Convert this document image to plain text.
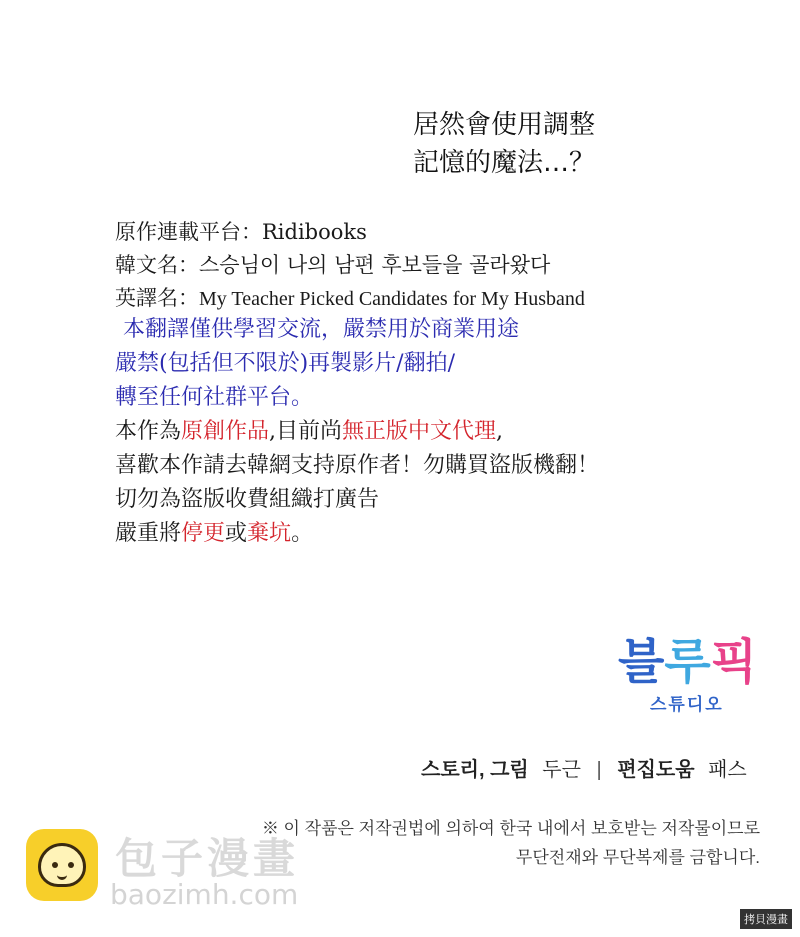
居然會使用調整
記憶的魔法…？
原作連載平台：Ridibooks
韓文名：스승님이 나의 남편 후보들을 골라왔다
英譯名：My Teacher Picked Candidates for My Husband
本翻譯僅供學習交流，嚴禁用於商業用途
嚴禁(包括但不限於)再製影片/翻拍/
轉至任何社群平台。
本作為原創作品,目前尚無正版中文代理,
喜歡本作請去韓網支持原作者！勿購買盜版機翻！
切勿為盜版收費組織打廣告
嚴重將停更或棄坑。
블루픽
스튜디오
스토리, 그림 두근 | 편집도움 패스
※ 이 작품은 저작권법에 의하여 한국 내에서 보호받는 저작물이므로
무단전재와 무단복제를 금합니다.
包子漫畫
baozimh.com
拷貝漫畫
